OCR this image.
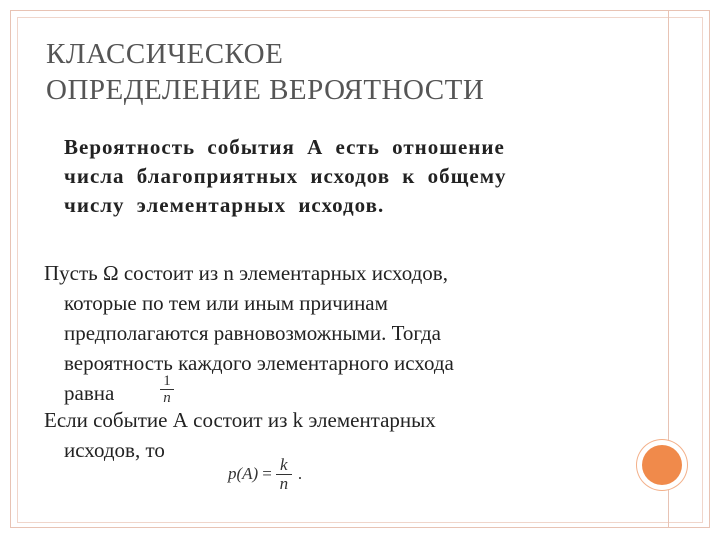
КЛАССИЧЕСКОЕ
ОПРЕДЕЛЕНИЕ ВЕРОЯТНОСТИ
Вероятность события А есть отношение
числа благоприятных исходов к общему
числу элементарных исходов.
Пусть Ω состоит из n элементарных исходов,
которые по тем или иным причинам
предполагаются равновозможными. Тогда
вероятность каждого элементарного исхода
равна	$\frac{1}{n}$
Если событие А состоит из k элементарных
исходов, то
$p(A) = \frac{k}{n}$ .
